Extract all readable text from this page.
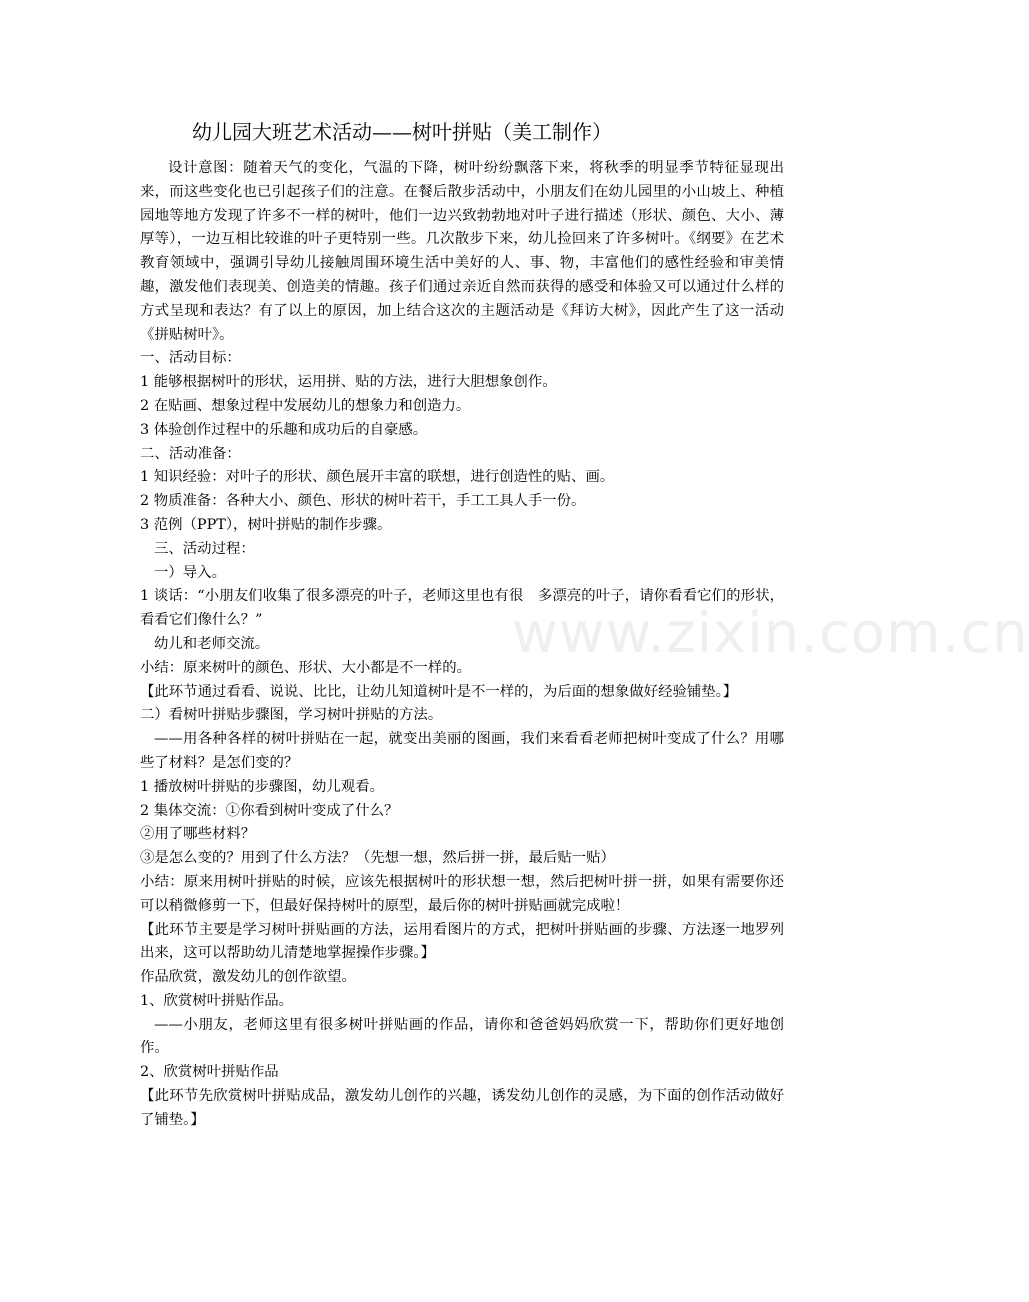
幼儿园大班艺术活动——树叶拼贴（美工制作）

设计意图：随着天气的变化，气温的下降，树叶纷纷飘落下来，将秋季的明显季节特征显现出来，而这些变化也已引起孩子们的注意。在餐后散步活动中，小朋友们在幼儿园里的小山坡上、种植园地等地方发现了许多不一样的树叶，他们一边兴致勃勃地对叶子进行描述（形状、颜色、大小、薄厚等），一边互相比较谁的叶子更特别一些。几次散步下来，幼儿捡回来了许多树叶。《纲要》在艺术教育领域中，强调引导幼儿接触周围环境生活中美好的人、事、物，丰富他们的感性经验和审美情趣，激发他们表现美、创造美的情趣。孩子们通过亲近自然而获得的感受和体验又可以通过什么样的方式呈现和表达？有了以上的原因，加上结合这次的主题活动是《拜访大树》，因此产生了这一活动《拼贴树叶》。

一、活动目标：

1 能够根据树叶的形状，运用拼、贴的方法，进行大胆想象创作。

2 在贴画、想象过程中发展幼儿的想象力和创造力。

3 体验创作过程中的乐趣和成功后的自豪感。

二、活动准备：

1 知识经验：对叶子的形状、颜色展开丰富的联想，进行创造性的贴、画。

2 物质准备：各种大小、颜色、形状的树叶若干，手工工具人手一份。

3 范例（PPT），树叶拼贴的制作步骤。

三、活动过程：

一）导入。

1 谈话：“小朋友们收集了很多漂亮的叶子，老师这里也有很　多漂亮的叶子，请你看看它们的形状，看看它们像什么？”

幼儿和老师交流。

小结：原来树叶的颜色、形状、大小都是不一样的。

【此环节通过看看、说说、比比，让幼儿知道树叶是不一样的，为后面的想象做好经验铺垫。】

二）看树叶拼贴步骤图，学习树叶拼贴的方法。

——用各种各样的树叶拼贴在一起，就变出美丽的图画，我们来看看老师把树叶变成了什么？用哪些了材料？是怎们变的？

1 播放树叶拼贴的步骤图，幼儿观看。

2 集体交流：①你看到树叶变成了什么？

②用了哪些材料？

③是怎么变的？用到了什么方法？（先想一想，然后拼一拼，最后贴一贴）

小结：原来用树叶拼贴的时候，应该先根据树叶的形状想一想，然后把树叶拼一拼，如果有需要你还可以稍微修剪一下，但最好保持树叶的原型，最后你的树叶拼贴画就完成啦！

【此环节主要是学习树叶拼贴画的方法，运用看图片的方式，把树叶拼贴画的步骤、方法逐一地罗列出来，这可以帮助幼儿清楚地掌握操作步骤。】

作品欣赏，激发幼儿的创作欲望。

1、欣赏树叶拼贴作品。

——小朋友，老师这里有很多树叶拼贴画的作品，请你和爸爸妈妈欣赏一下，帮助你们更好地创作。

2、欣赏树叶拼贴作品

【此环节先欣赏树叶拼贴成品，激发幼儿创作的兴趣，诱发幼儿创作的灵感，为下面的创作活动做好了铺垫。】

www.zixin.com.cn
